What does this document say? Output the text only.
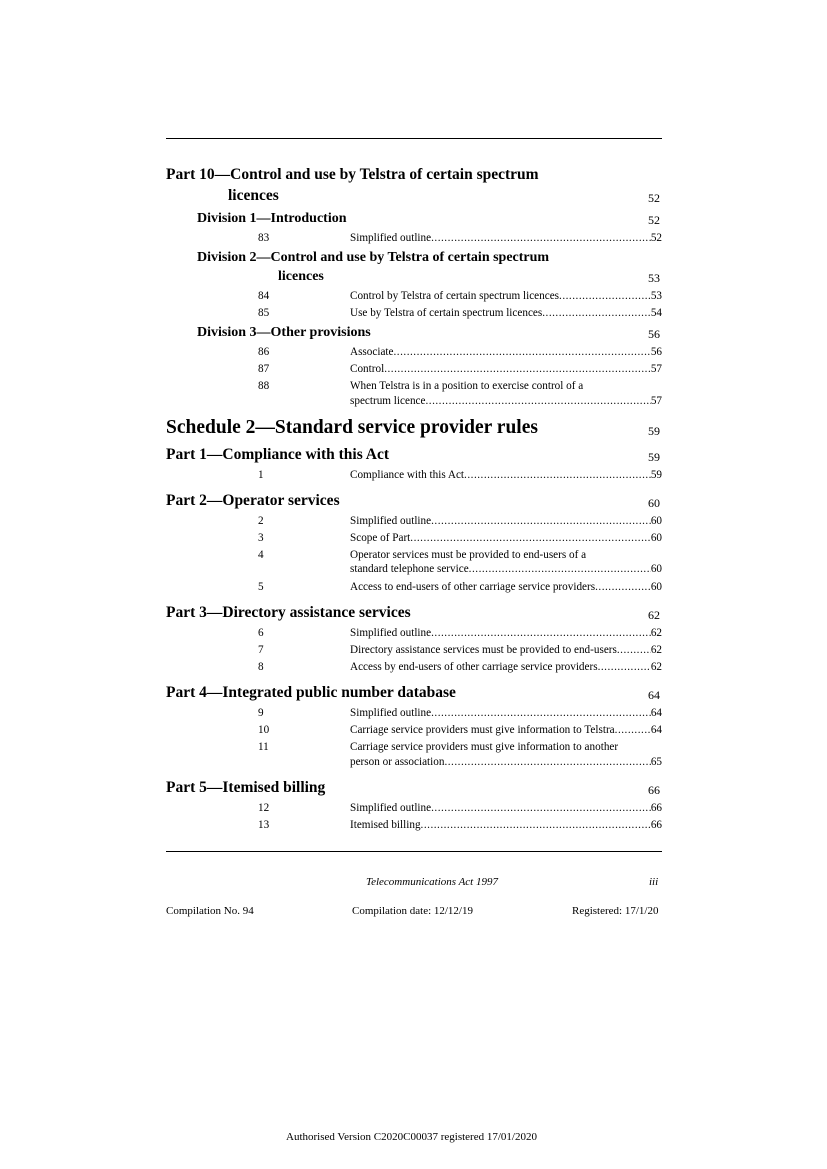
Part 10—Control and use by Telstra of certain spectrum
licences	52
Division 1—Introduction	52
83	Simplified outline .....	52
Division 2—Control and use by Telstra of certain spectrum
licences	53
84	Control by Telstra of certain spectrum licences .....	53
85	Use by Telstra of certain spectrum licences .....	54
Division 3—Other provisions	56
86	Associate .....	56
87	Control .....	57
88	When Telstra is in a position to exercise control of a
spectrum licence .....	57
Schedule 2—Standard service provider rules	59
Part 1—Compliance with this Act	59
1	Compliance with this Act .....	59
Part 2—Operator services	60
2	Simplified outline .....	60
3	Scope of Part .....	60
4	Operator services must be provided to end-users of a
standard telephone service .....	60
5	Access to end-users of other carriage service providers .....	60
Part 3—Directory assistance services	62
6	Simplified outline .....	62
7	Directory assistance services must be provided to end-users .....	62
8	Access by end-users of other carriage service providers .....	62
Part 4—Integrated public number database	64
9	Simplified outline .....	64
10	Carriage service providers must give information to Telstra .....	64
11	Carriage service providers must give information to another
person or association .....	65
Part 5—Itemised billing	66
12	Simplified outline .....	66
13	Itemised billing .....	66
Telecommunications Act 1997	iii
Compilation No. 94	Compilation date: 12/12/19	Registered: 17/1/20
Authorised Version C2020C00037 registered 17/01/2020
